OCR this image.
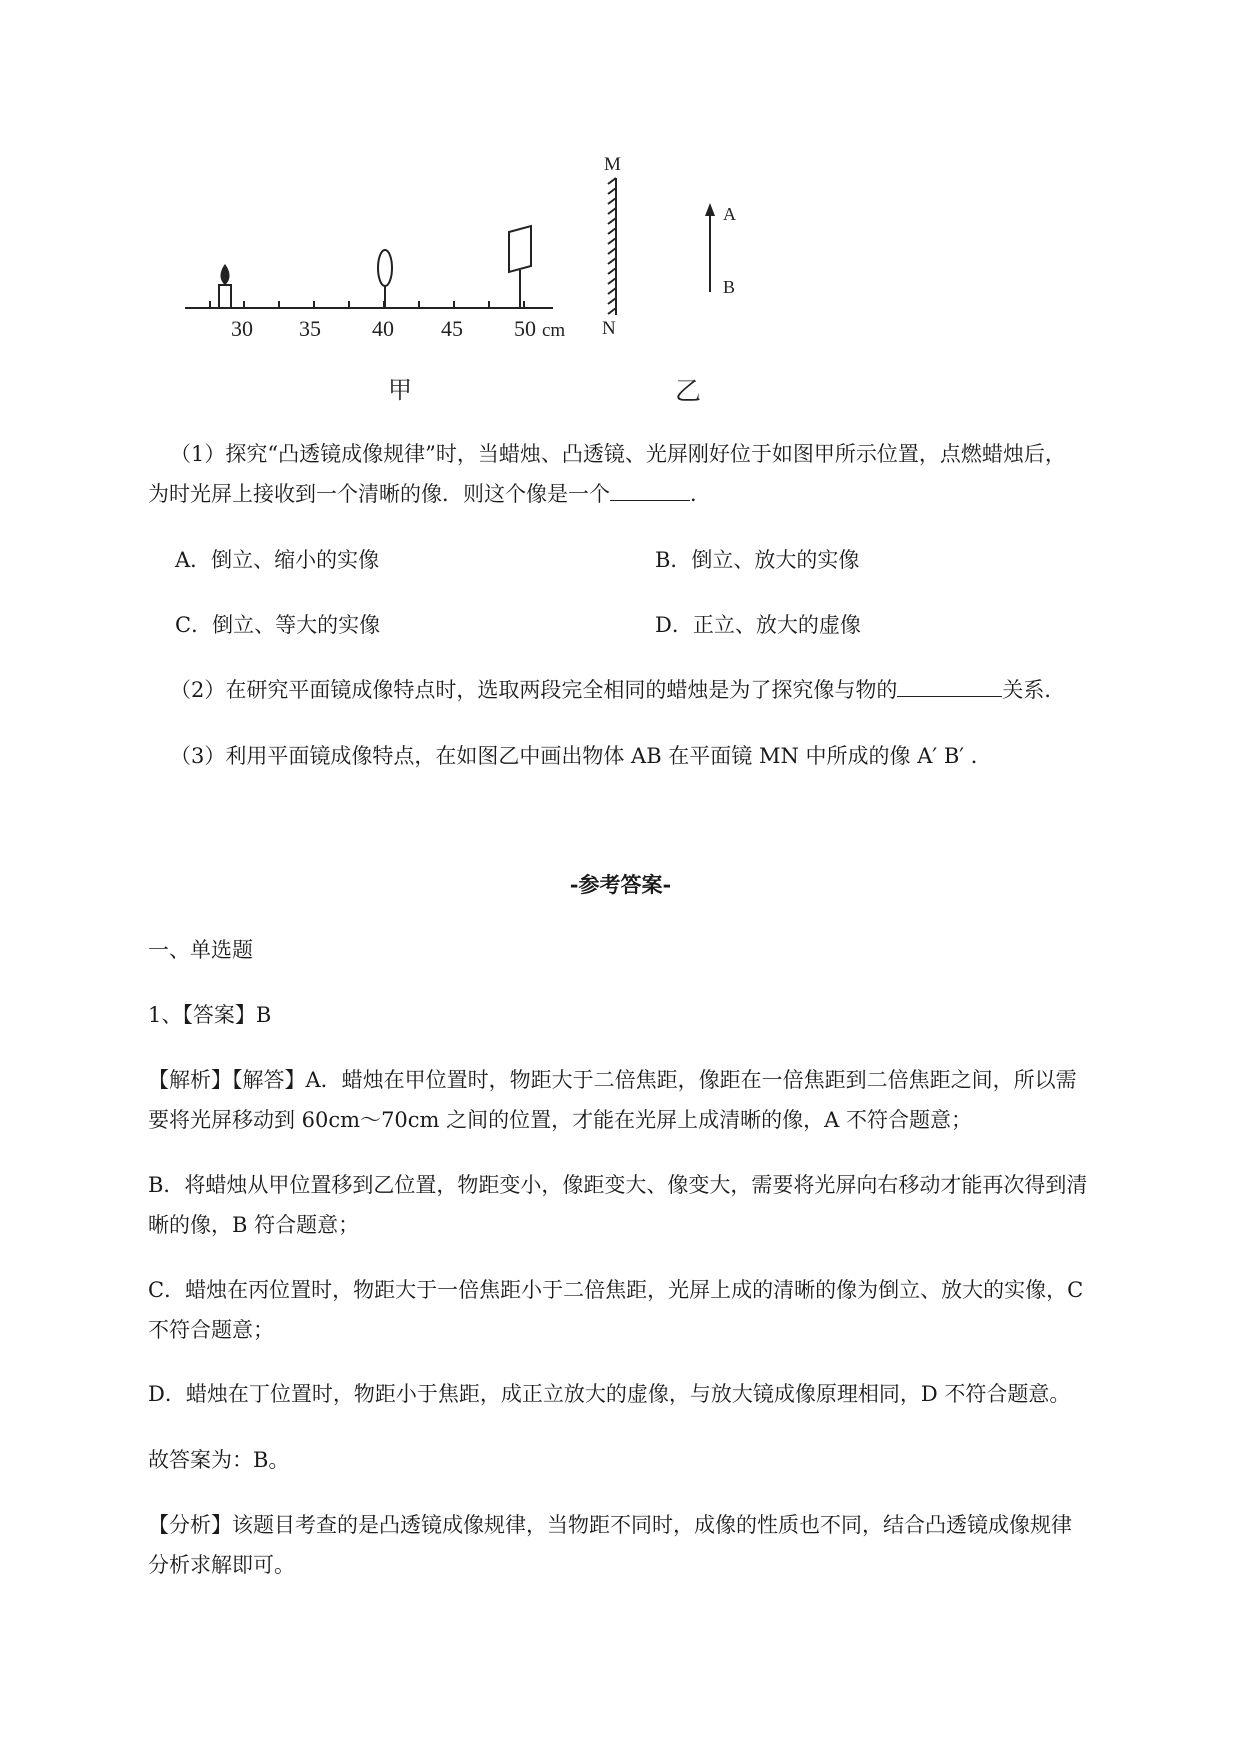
30 35 40 45 50 cm
甲	乙
M
N
A
B

（1）探究“凸透镜成像规律”时，当蜡烛、凸透镜、光屏刚好位于如图甲所示位置，点燃蜡烛后，

为时光屏上接收到一个清晰的像．则这个像是一个	．

A．倒立、缩小的实像	B．倒立、放大的实像
C．倒立、等大的实像	D．正立、放大的虚像

（2）在研究平面镜成像特点时，选取两段完全相同的蜡烛是为了探究像与物的	关系．

（3）利用平面镜成像特点，在如图乙中画出物体 AB 在平面镜 MN 中所成的像 A′ B′ ．

-参考答案-

一、单选题

1、【答案】B

【解析】【解答】A．蜡烛在甲位置时，物距大于二倍焦距，像距在一倍焦距到二倍焦距之间，所以需

要将光屏移动到 60cm～70cm 之间的位置，才能在光屏上成清晰的像，A 不符合题意；

B．将蜡烛从甲位置移到乙位置，物距变小，像距变大、像变大，需要将光屏向右移动才能再次得到清

晰的像，B 符合题意；

C．蜡烛在丙位置时，物距大于一倍焦距小于二倍焦距，光屏上成的清晰的像为倒立、放大的实像，C

不符合题意；

D．蜡烛在丁位置时，物距小于焦距，成正立放大的虚像，与放大镜成像原理相同，D 不符合题意。

故答案为：B。

【分析】该题目考查的是凸透镜成像规律，当物距不同时，成像的性质也不同，结合凸透镜成像规律

分析求解即可。
